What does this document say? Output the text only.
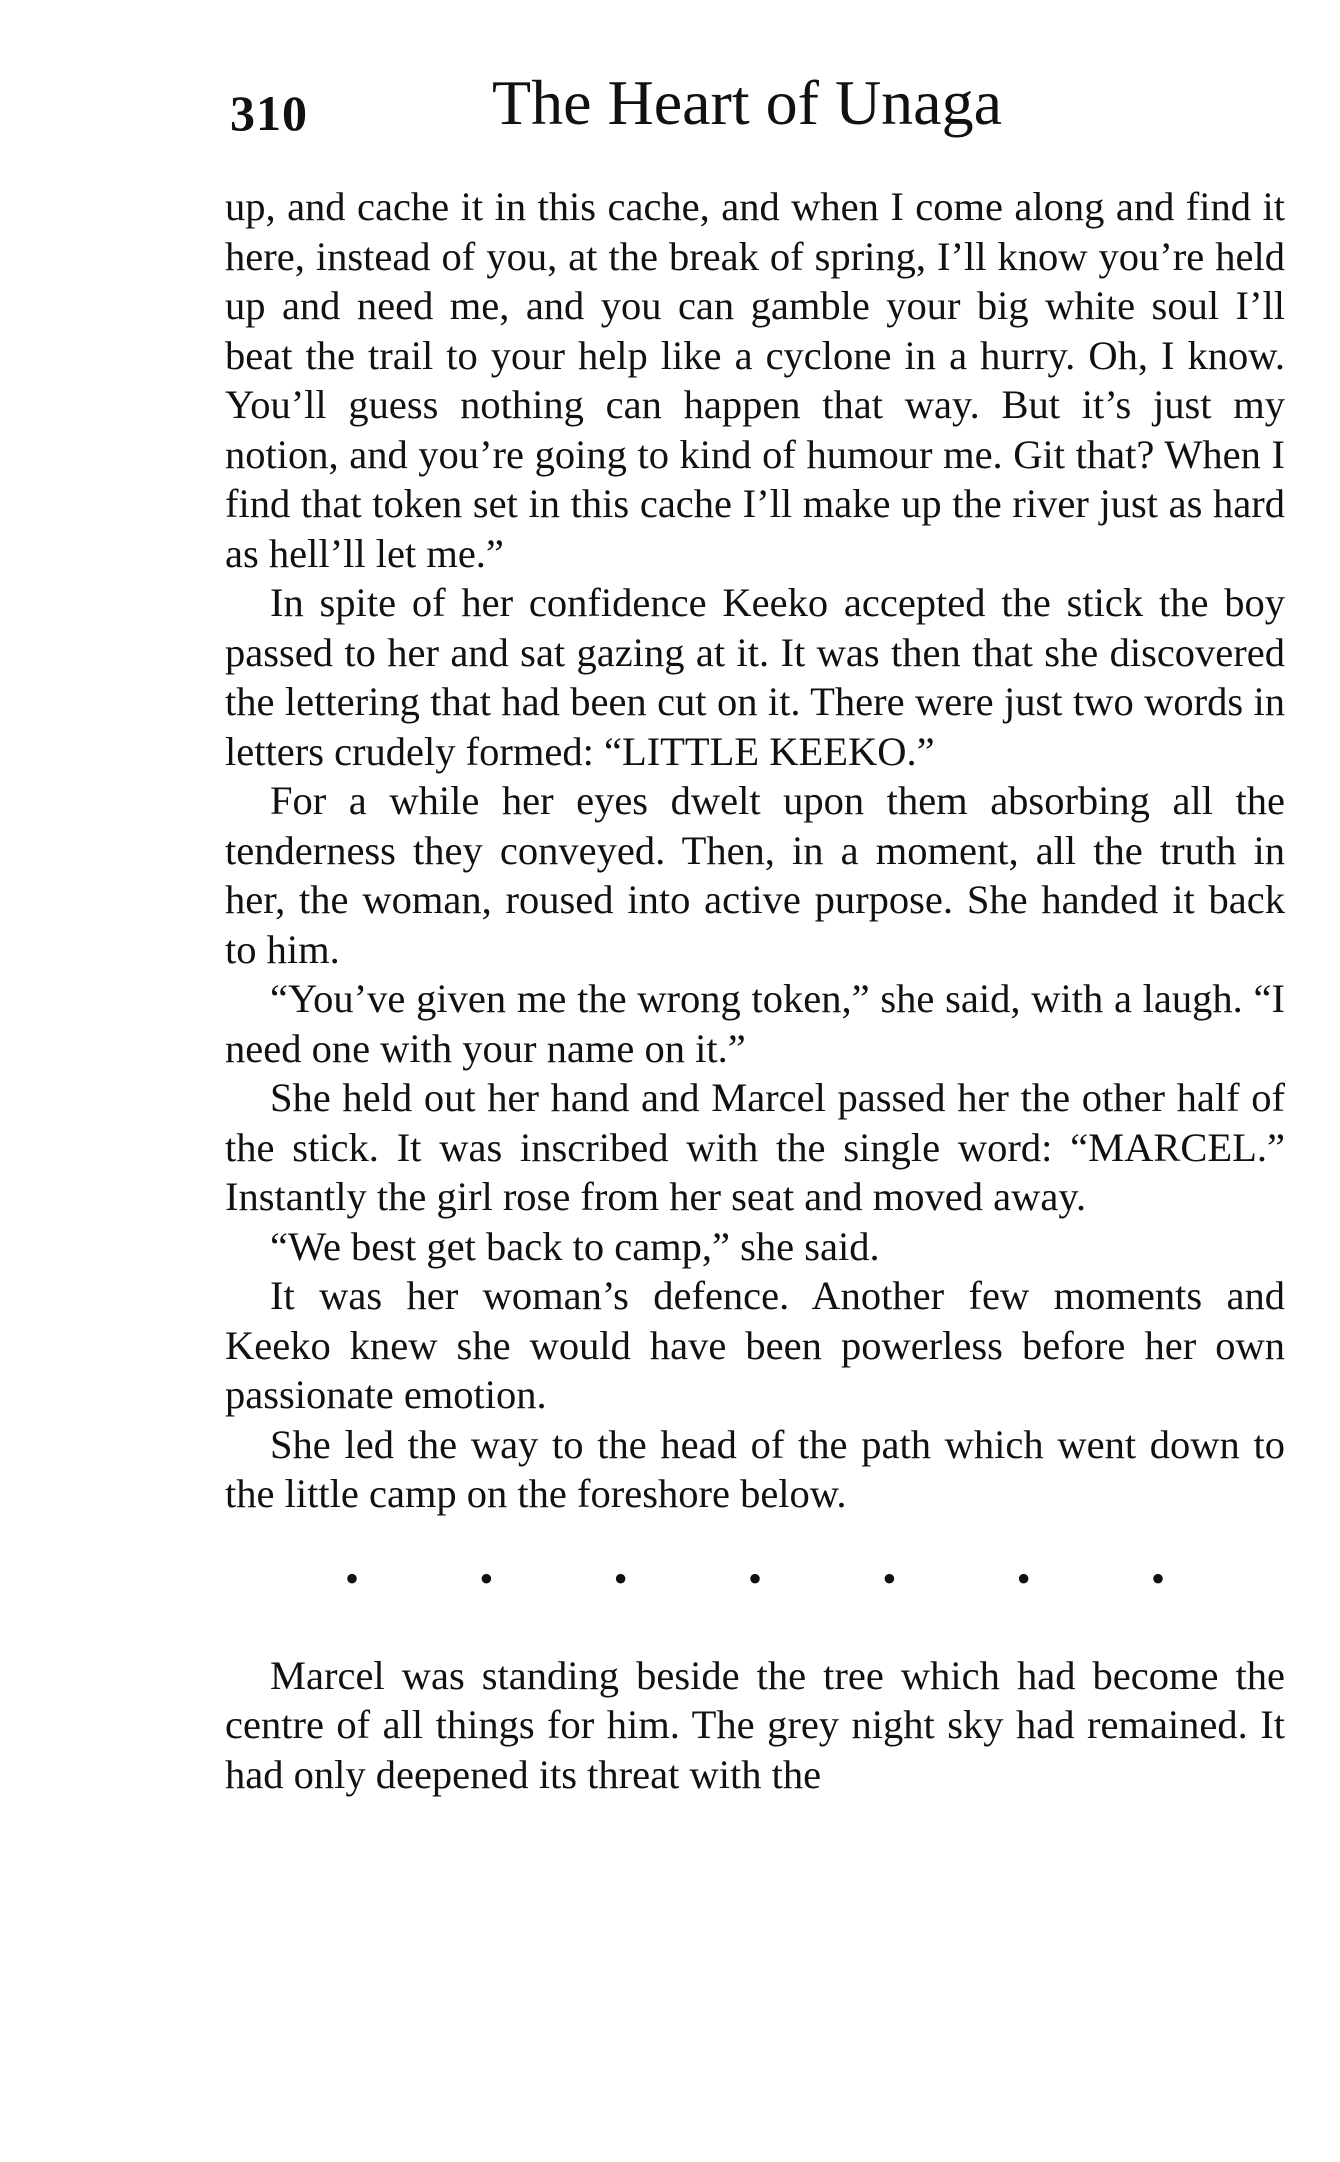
310	The Heart of Unaga

up, and cache it in this cache, and when I come along and find it here, instead of you, at the break of spring, I’ll know you’re held up and need me, and you can gamble your big white soul I’ll beat the trail to your help like a cyclone in a hurry. Oh, I know. You’ll guess nothing can happen that way. But it’s just my notion, and you’re going to kind of humour me. Git that? When I find that token set in this cache I’ll make up the river just as hard as hell’ll let me.”

In spite of her confidence Keeko accepted the stick the boy passed to her and sat gazing at it. It was then that she discovered the lettering that had been cut on it. There were just two words in letters crudely formed: “LITTLE KEEKO.”

For a while her eyes dwelt upon them absorbing all the tenderness they conveyed. Then, in a moment, all the truth in her, the woman, roused into active purpose. She handed it back to him.

“You’ve given me the wrong token,” she said, with a laugh. “I need one with your name on it.”

She held out her hand and Marcel passed her the other half of the stick. It was inscribed with the single word: “MARCEL.” Instantly the girl rose from her seat and moved away.

“We best get back to camp,” she said.

It was her woman’s defence. Another few moments and Keeko knew she would have been powerless before her own passionate emotion.

She led the way to the head of the path which went down to the little camp on the foreshore below.

•	•	•	•	•	•	•

Marcel was standing beside the tree which had become the centre of all things for him. The grey night sky had remained. It had only deepened its threat with the
